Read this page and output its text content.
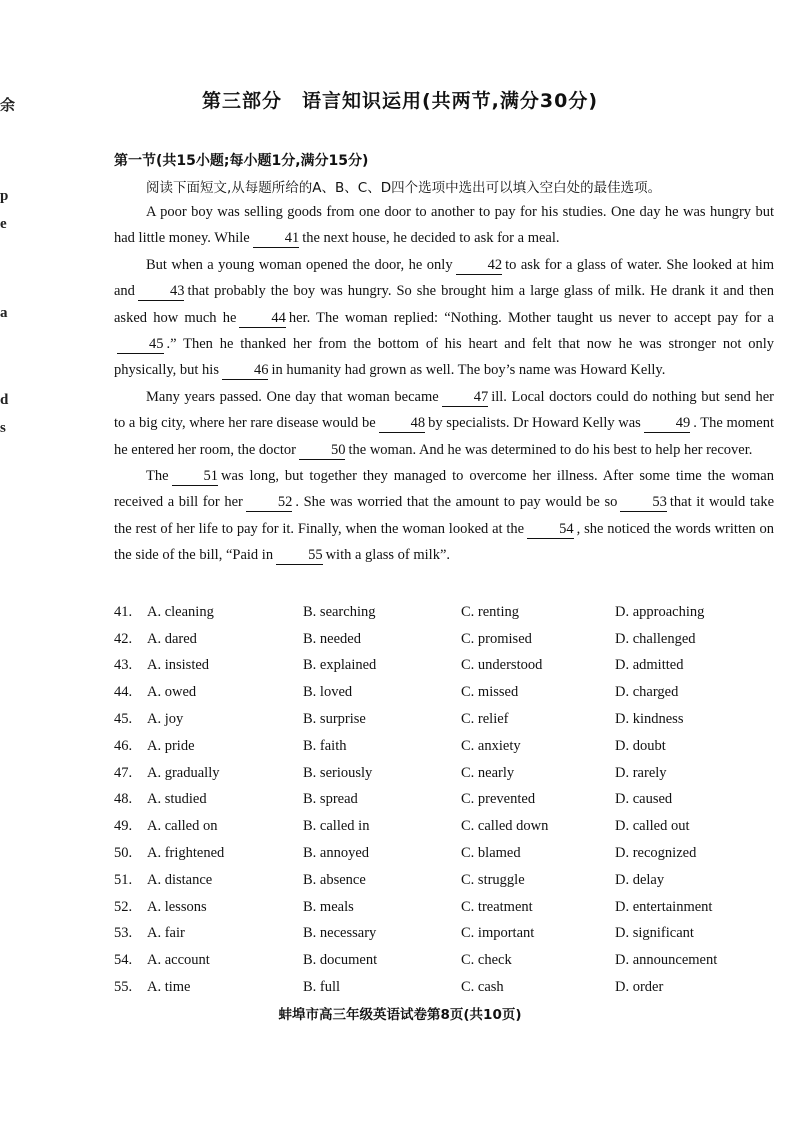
余
p
e
a
d
s
第三部分　语言知识运用(共两节,满分30分)
第一节(共15小题;每小题1分,满分15分)
阅读下面短文,从每题所给的A、B、C、D四个选项中选出可以填入空白处的最佳选项。

A poor boy was selling goods from one door to another to pay for his studies. One day he was hungry but had little money. While 41 the next house, he decided to ask for a meal.

But when a young woman opened the door, he only 42 to ask for a glass of water. She looked at him and 43 that probably the boy was hungry. So she brought him a large glass of milk. He drank it and then asked how much he 44 her. The woman replied: “Nothing. Mother taught us never to accept pay for a45 .” Then he thanked her from the bottom of his heart and felt that now he was stronger not only physically, but his 46 in humanity had grown as well. The boy’s name was Howard Kelly.

Many years passed. One day that woman became 47 ill. Local doctors could do nothing but send her to a big city, where her rare disease would be 48 by specialists. Dr Howard Kelly was 49 . The moment he entered her room, the doctor 50 the woman. And he was determined to do his best to help her recover.

The 51 was long, but together they managed to overcome her illness. After some time the woman received a bill for her 52 . She was worried that the amount to pay would be so 53 that it would take the rest of her life to pay for it. Finally, when the woman looked at the 54 , she noticed the words written on the side of the bill, “Paid in 55 with a glass of milk”.

41.	A. cleaning	B. searching	C. renting	D. approaching
42.	A. dared	B. needed	C. promised	D. challenged
43.	A. insisted	B. explained	C. understood	D. admitted
44.	A. owed	B. loved	C. missed	D. charged
45.	A. joy	B. surprise	C. relief	D. kindness
46.	A. pride	B. faith	C. anxiety	D. doubt
47.	A. gradually	B. seriously	C. nearly	D. rarely
48.	A. studied	B. spread	C. prevented	D. caused
49.	A. called on	B. called in	C. called down	D. called out
50.	A. frightened	B. annoyed	C. blamed	D. recognized
51.	A. distance	B. absence	C. struggle	D. delay
52.	A. lessons	B. meals	C. treatment	D. entertainment
53.	A. fair	B. necessary	C. important	D. significant
54.	A. account	B. document	C. check	D. announcement
55.	A. time	B. full	C. cash	D. order
蚌埠市高三年级英语试卷第8页(共10页)
